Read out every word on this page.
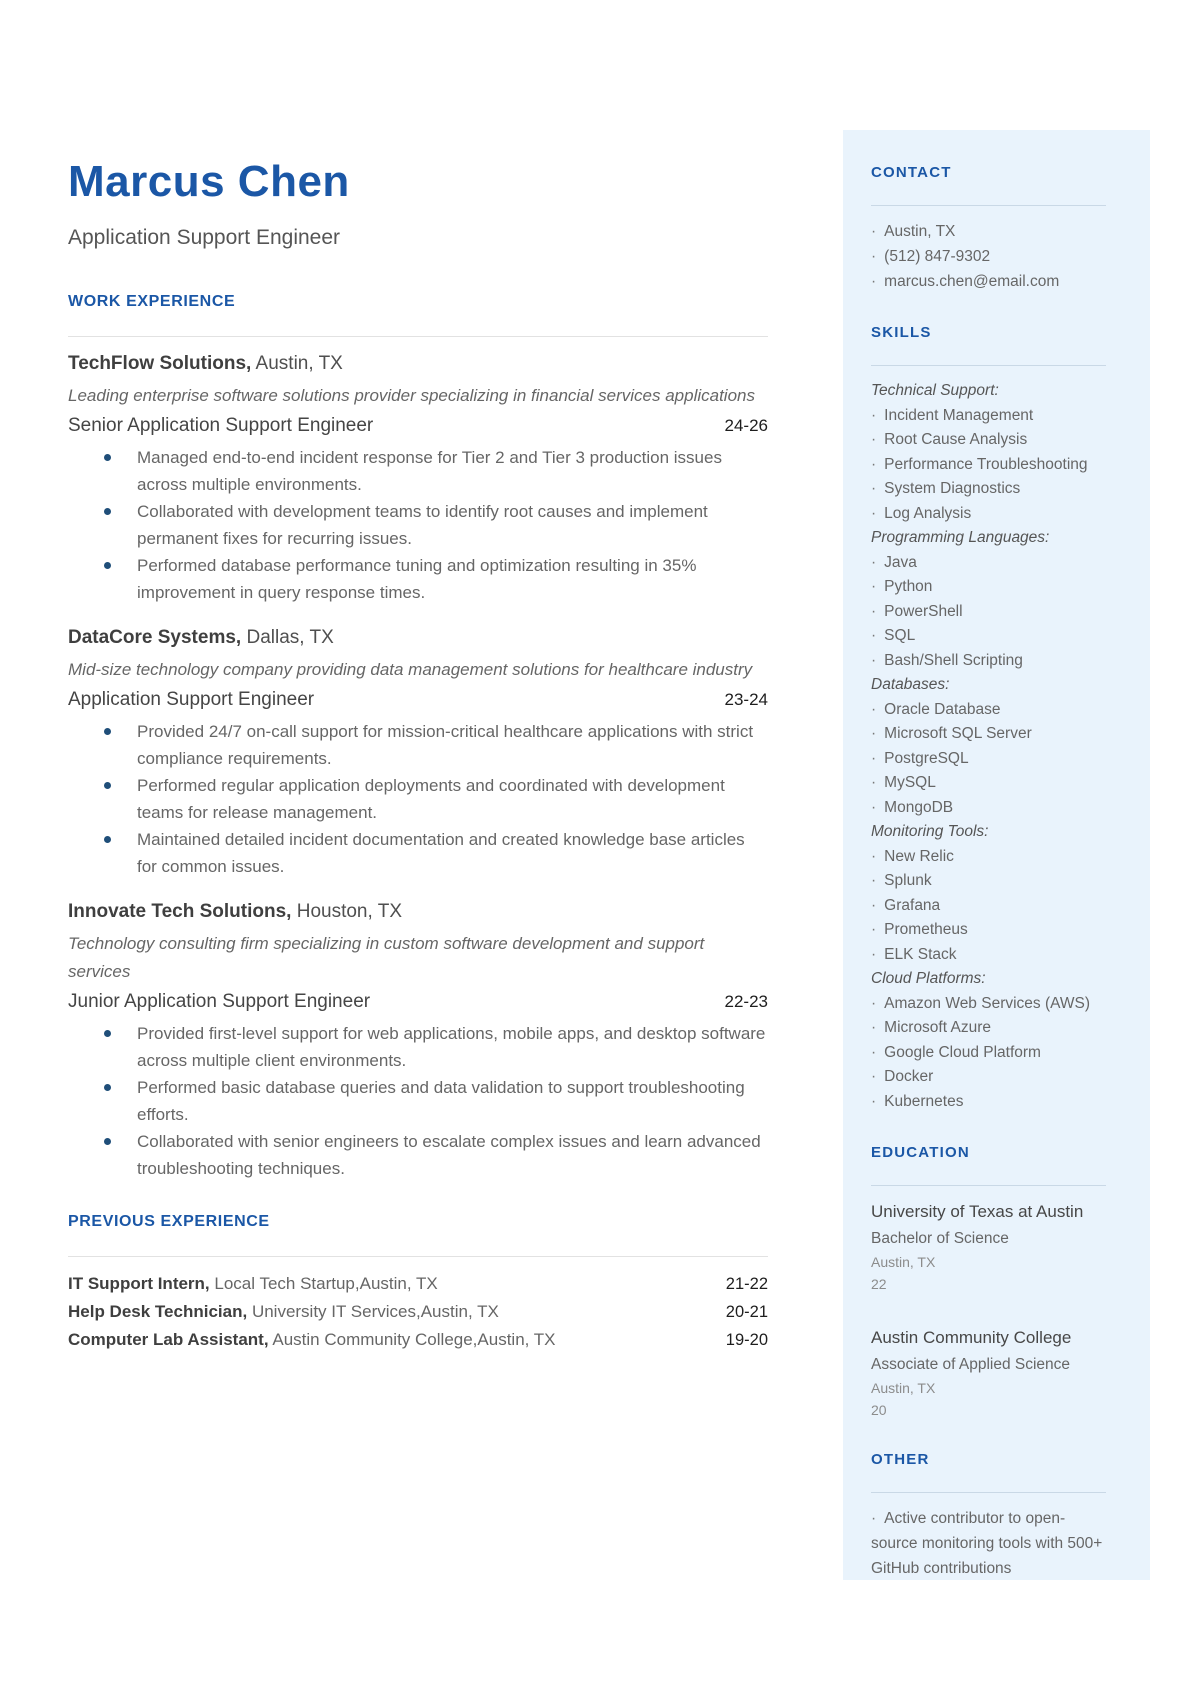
Marcus Chen
Application Support Engineer
WORK EXPERIENCE
TechFlow Solutions, Austin, TX
Leading enterprise software solutions provider specializing in financial services applications
Senior Application Support Engineer	24-26
Managed end-to-end incident response for Tier 2 and Tier 3 production issues across multiple environments.
Collaborated with development teams to identify root causes and implement permanent fixes for recurring issues.
Performed database performance tuning and optimization resulting in 35% improvement in query response times.
DataCore Systems, Dallas, TX
Mid-size technology company providing data management solutions for healthcare industry
Application Support Engineer	23-24
Provided 24/7 on-call support for mission-critical healthcare applications with strict compliance requirements.
Performed regular application deployments and coordinated with development teams for release management.
Maintained detailed incident documentation and created knowledge base articles for common issues.
Innovate Tech Solutions, Houston, TX
Technology consulting firm specializing in custom software development and support services
Junior Application Support Engineer	22-23
Provided first-level support for web applications, mobile apps, and desktop software across multiple client environments.
Performed basic database queries and data validation to support troubleshooting efforts.
Collaborated with senior engineers to escalate complex issues and learn advanced troubleshooting techniques.
PREVIOUS EXPERIENCE
IT Support Intern, Local Tech Startup,Austin, TX	21-22
Help Desk Technician, University IT Services,Austin, TX	20-21
Computer Lab Assistant, Austin Community College,Austin, TX	19-20
CONTACT
· Austin, TX
· (512) 847-9302
· marcus.chen@email.com
SKILLS
Technical Support:
· Incident Management
· Root Cause Analysis
· Performance Troubleshooting
· System Diagnostics
· Log Analysis
Programming Languages:
· Java
· Python
· PowerShell
· SQL
· Bash/Shell Scripting
Databases:
· Oracle Database
· Microsoft SQL Server
· PostgreSQL
· MySQL
· MongoDB
Monitoring Tools:
· New Relic
· Splunk
· Grafana
· Prometheus
· ELK Stack
Cloud Platforms:
· Amazon Web Services (AWS)
· Microsoft Azure
· Google Cloud Platform
· Docker
· Kubernetes
EDUCATION
University of Texas at Austin
Bachelor of Science
Austin, TX
22
Austin Community College
Associate of Applied Science
Austin, TX
20
OTHER
· Active contributor to open-source monitoring tools with 500+ GitHub contributions
